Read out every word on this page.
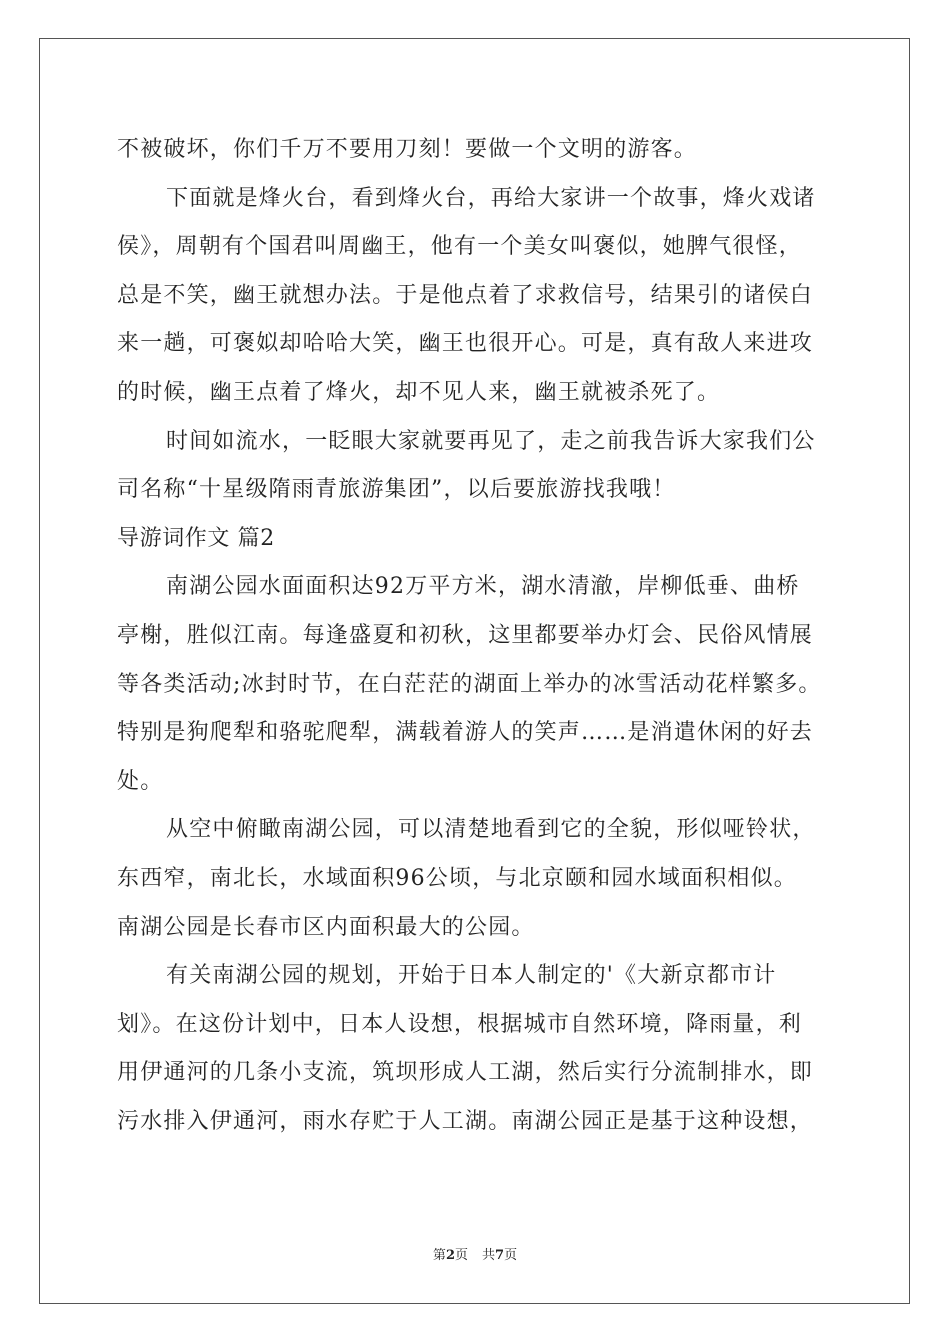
不被破坏，你们千万不要用刀刻！要做一个文明的游客。
下面就是烽火台，看到烽火台，再给大家讲一个故事，烽火戏诸
侯》，周朝有个国君叫周幽王，他有一个美女叫褒似，她脾气很怪，
总是不笑，幽王就想办法。于是他点着了求救信号，结果引的诸侯白
来一趟，可褒姒却哈哈大笑，幽王也很开心。可是，真有敌人来进攻
的时候，幽王点着了烽火，却不见人来，幽王就被杀死了。
时间如流水，一眨眼大家就要再见了，走之前我告诉大家我们公
司名称“十星级隋雨青旅游集团”，以后要旅游找我哦！
导游词作文 篇2
南湖公园水面面积达92万平方米，湖水清澈，岸柳低垂、曲桥
亭榭，胜似江南。每逢盛夏和初秋，这里都要举办灯会、民俗风情展
等各类活动;冰封时节，在白茫茫的湖面上举办的冰雪活动花样繁多。
特别是狗爬犁和骆驼爬犁，满载着游人的笑声……是消遣休闲的好去
处。
从空中俯瞰南湖公园，可以清楚地看到它的全貌，形似哑铃状，
东西窄，南北长，水域面积96公顷，与北京颐和园水域面积相似。
南湖公园是长春市区内面积最大的公园。
有关南湖公园的规划，开始于日本人制定的'《大新京都市计
划》。在这份计划中，日本人设想，根据城市自然环境，降雨量，利
用伊通河的几条小支流，筑坝形成人工湖，然后实行分流制排水，即
污水排入伊通河，雨水存贮于人工湖。南湖公园正是基于这种设想，
第2页 共7页
